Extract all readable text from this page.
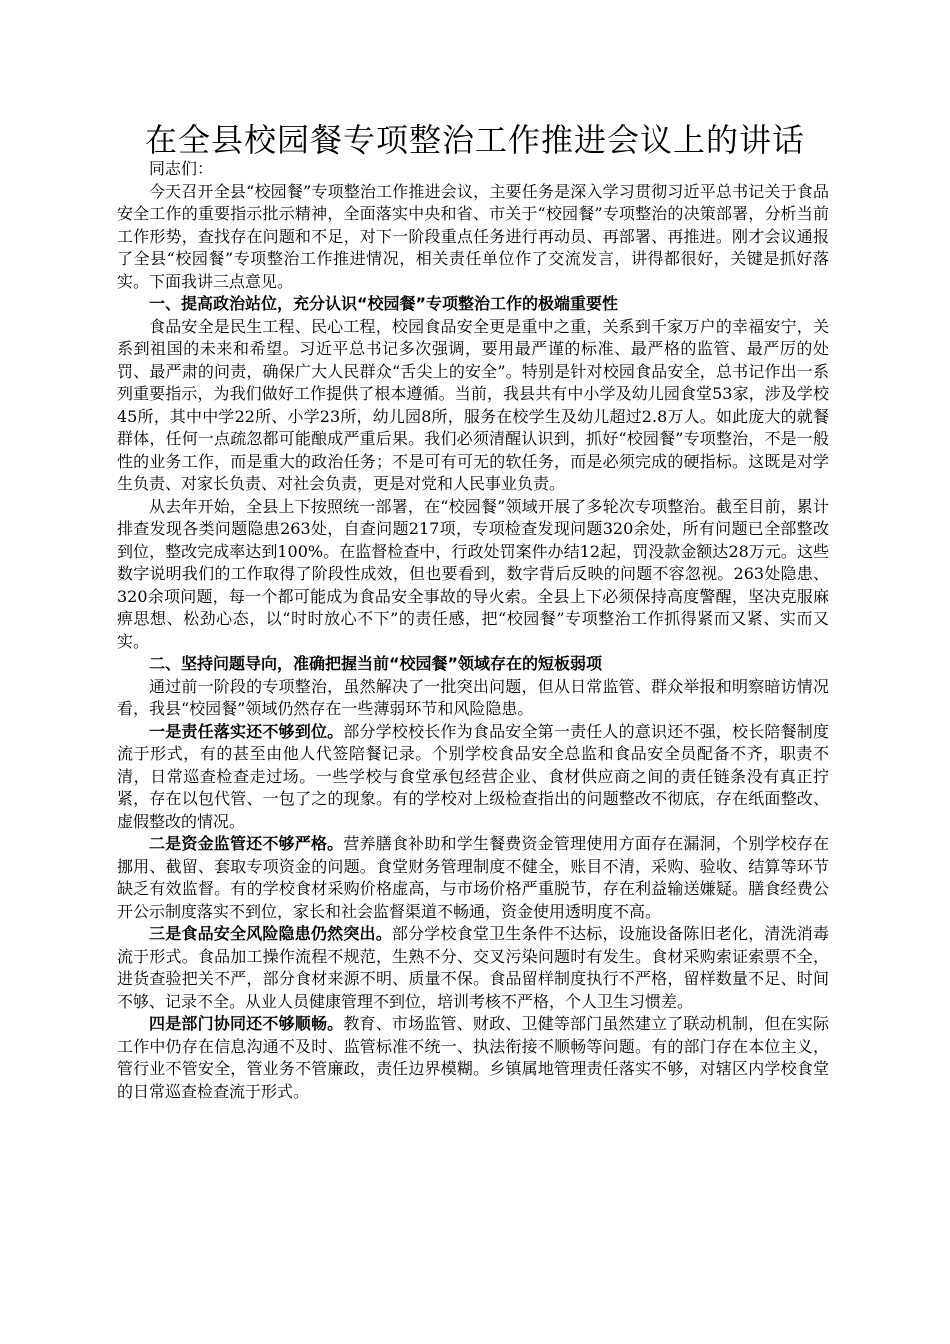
在全县校园餐专项整治工作推进会议上的讲话

同志们：

今天召开全县“校园餐”专项整治工作推进会议，主要任务是深入学习贯彻习近平总书记关于食品安全工作的重要指示批示精神，全面落实中央和省、市关于“校园餐”专项整治的决策部署，分析当前工作形势，查找存在问题和不足，对下一阶段重点任务进行再动员、再部署、再推进。刚才会议通报了全县“校园餐”专项整治工作推进情况，相关责任单位作了交流发言，讲得都很好，关键是抓好落实。下面我讲三点意见。

一、提高政治站位，充分认识“校园餐”专项整治工作的极端重要性

食品安全是民生工程、民心工程，校园食品安全更是重中之重，关系到千家万户的幸福安宁，关系到祖国的未来和希望。习近平总书记多次强调，要用最严谨的标准、最严格的监管、最严厉的处罚、最严肃的问责，确保广大人民群众“舌尖上的安全”。特别是针对校园食品安全，总书记作出一系列重要指示，为我们做好工作提供了根本遵循。当前，我县共有中小学及幼儿园食堂53家，涉及学校45所，其中中学22所、小学23所，幼儿园8所，服务在校学生及幼儿超过2.8万人。如此庞大的就餐群体，任何一点疏忽都可能酿成严重后果。我们必须清醒认识到，抓好“校园餐”专项整治，不是一般性的业务工作，而是重大的政治任务；不是可有可无的软任务，而是必须完成的硬指标。这既是对学生负责、对家长负责、对社会负责，更是对党和人民事业负责。

从去年开始，全县上下按照统一部署，在“校园餐”领域开展了多轮次专项整治。截至目前，累计排查发现各类问题隐患263处，自查问题217项，专项检查发现问题320余处，所有问题已全部整改到位，整改完成率达到100%。在监督检查中，行政处罚案件办结12起，罚没款金额达28万元。这些数字说明我们的工作取得了阶段性成效，但也要看到，数字背后反映的问题不容忽视。263处隐患、320余项问题，每一个都可能成为食品安全事故的导火索。全县上下必须保持高度警醒，坚决克服麻痹思想、松劲心态，以“时时放心不下”的责任感，把“校园餐”专项整治工作抓得紧而又紧、实而又实。

二、坚持问题导向，准确把握当前“校园餐”领域存在的短板弱项

通过前一阶段的专项整治，虽然解决了一批突出问题，但从日常监管、群众举报和明察暗访情况看，我县“校园餐”领域仍然存在一些薄弱环节和风险隐患。

一是责任落实还不够到位。部分学校校长作为食品安全第一责任人的意识还不强，校长陪餐制度流于形式，有的甚至由他人代签陪餐记录。个别学校食品安全总监和食品安全员配备不齐，职责不清，日常巡查检查走过场。一些学校与食堂承包经营企业、食材供应商之间的责任链条没有真正拧紧，存在以包代管、一包了之的现象。有的学校对上级检查指出的问题整改不彻底，存在纸面整改、虚假整改的情况。

二是资金监管还不够严格。营养膳食补助和学生餐费资金管理使用方面存在漏洞，个别学校存在挪用、截留、套取专项资金的问题。食堂财务管理制度不健全，账目不清，采购、验收、结算等环节缺乏有效监督。有的学校食材采购价格虚高，与市场价格严重脱节，存在利益输送嫌疑。膳食经费公开公示制度落实不到位，家长和社会监督渠道不畅通，资金使用透明度不高。

三是食品安全风险隐患仍然突出。部分学校食堂卫生条件不达标，设施设备陈旧老化，清洗消毒流于形式。食品加工操作流程不规范，生熟不分、交叉污染问题时有发生。食材采购索证索票不全，进货查验把关不严，部分食材来源不明、质量不保。食品留样制度执行不严格，留样数量不足、时间不够、记录不全。从业人员健康管理不到位，培训考核不严格，个人卫生习惯差。

四是部门协同还不够顺畅。教育、市场监管、财政、卫健等部门虽然建立了联动机制，但在实际工作中仍存在信息沟通不及时、监管标准不统一、执法衔接不顺畅等问题。有的部门存在本位主义，管行业不管安全，管业务不管廉政，责任边界模糊。乡镇属地管理责任落实不够，对辖区内学校食堂的日常巡查检查流于形式。
